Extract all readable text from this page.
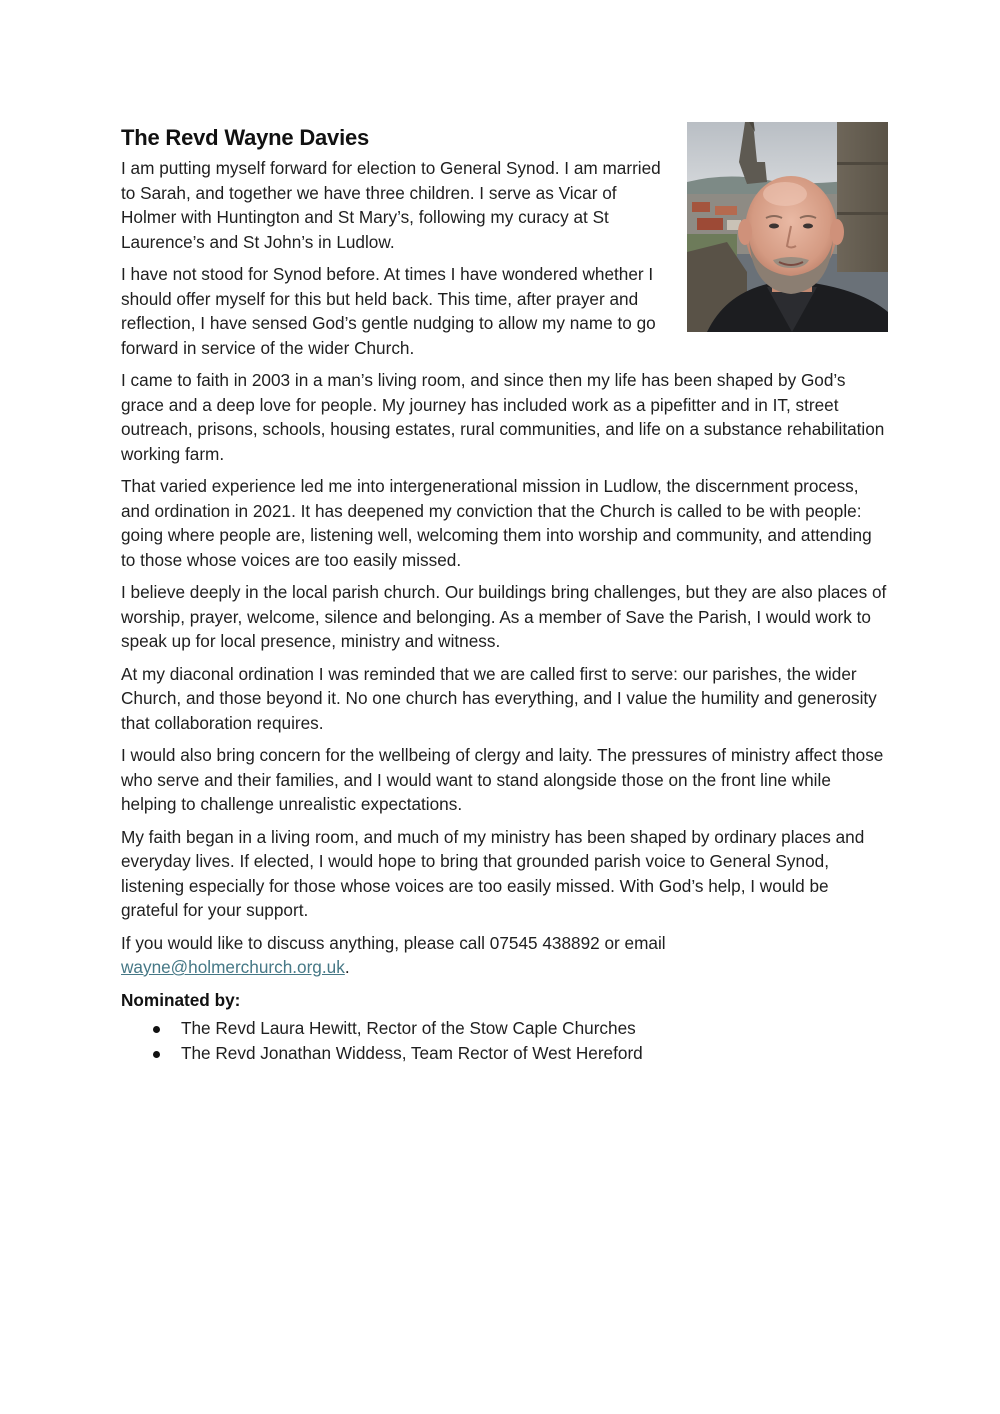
The Revd Wayne Davies

I am putting myself forward for election to General Synod. I am married to Sarah, and together we have three children. I serve as Vicar of Holmer with Huntington and St Mary’s, following my curacy at St Laurence’s and St John’s in Ludlow.

I have not stood for Synod before. At times I have wondered whether I should offer myself for this but held back. This time, after prayer and reflection, I have sensed God’s gentle nudging to allow my name to go forward in service of the wider Church.

I came to faith in 2003 in a man’s living room, and since then my life has been shaped by God’s grace and a deep love for people. My journey has included work as a pipefitter and in IT, street outreach, prisons, schools, housing estates, rural communities, and life on a substance rehabilitation working farm.

That varied experience led me into intergenerational mission in Ludlow, the discernment process, and ordination in 2021. It has deepened my conviction that the Church is called to be with people: going where people are, listening well, welcoming them into worship and community, and attending to those whose voices are too easily missed.

I believe deeply in the local parish church. Our buildings bring challenges, but they are also places of worship, prayer, welcome, silence and belonging. As a member of Save the Parish, I would work to speak up for local presence, ministry and witness.

At my diaconal ordination I was reminded that we are called first to serve: our parishes, the wider Church, and those beyond it. No one church has everything, and I value the humility and generosity that collaboration requires.

I would also bring concern for the wellbeing of clergy and laity. The pressures of ministry affect those who serve and their families, and I would want to stand alongside those on the front line while helping to challenge unrealistic expectations.

My faith began in a living room, and much of my ministry has been shaped by ordinary places and everyday lives. If elected, I would hope to bring that grounded parish voice to General Synod, listening especially for those whose voices are too easily missed. With God’s help, I would be grateful for your support.

If you would like to discuss anything, please call 07545 438892 or email wayne@holmerchurch.org.uk.

Nominated by:
The Revd Laura Hewitt, Rector of the Stow Caple Churches
The Revd Jonathan Widdess, Team Rector of West Hereford
